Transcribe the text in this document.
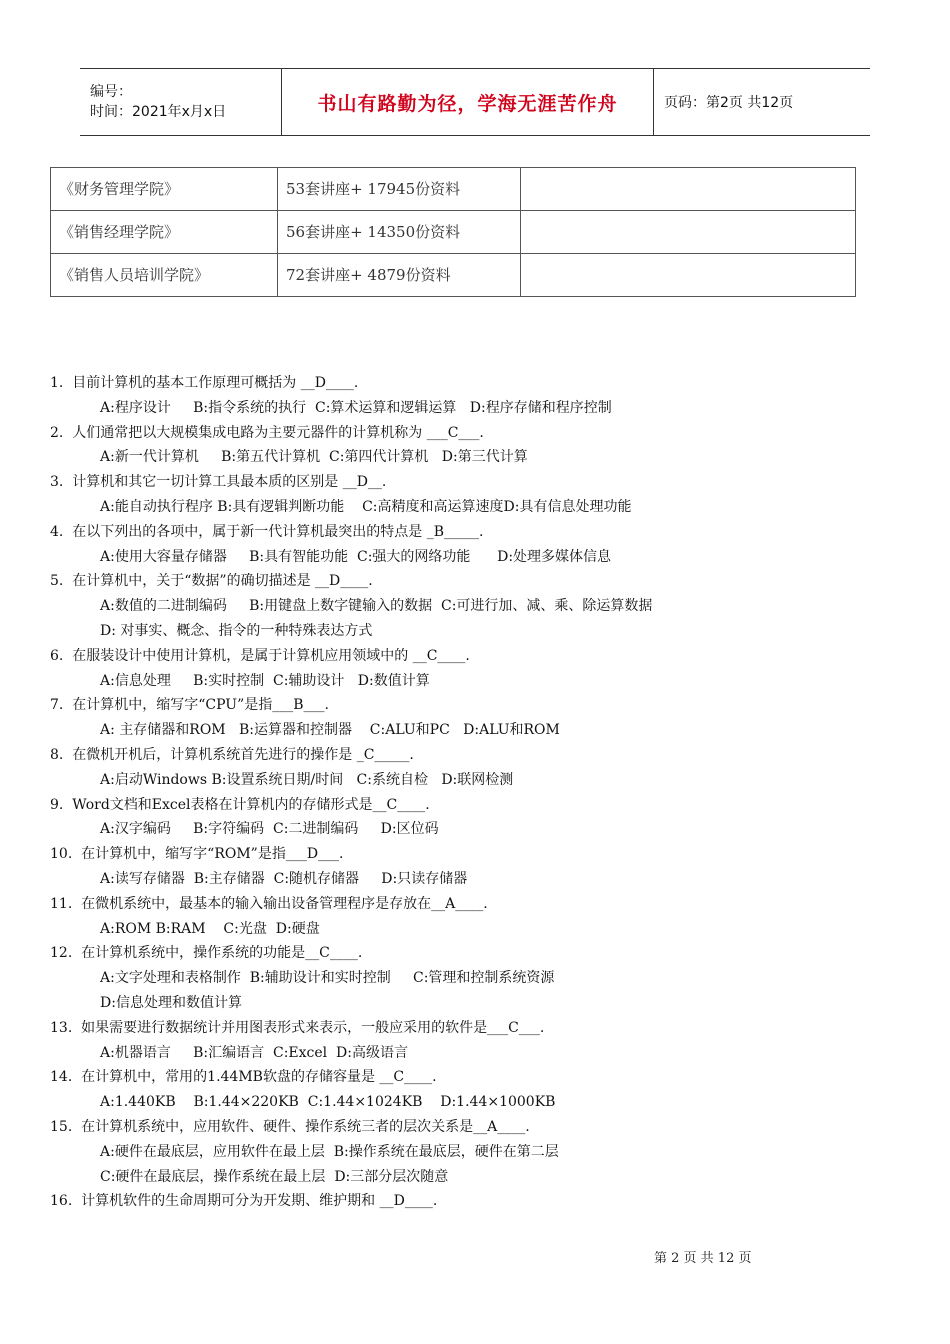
编号：
时间：2021年x月x日	书山有路勤为径，学海无涯苦作舟	页码：第2页 共12页
《财务管理学院》	53套讲座+ 17945份资料	
《销售经理学院》	56套讲座+ 14350份资料	
《销售人员培训学院》	72套讲座+ 4879份资料	
1.  目前计算机的基本工作原理可概括为 __D____.
A:程序设计     B:指令系统的执行  C:算术运算和逻辑运算   D:程序存储和程序控制
2.  人们通常把以大规模集成电路为主要元器件的计算机称为 ___C___.
A:新一代计算机     B:第五代计算机  C:第四代计算机   D:第三代计算
3.  计算机和其它一切计算工具最本质的区别是 __D__.
A:能自动执行程序 B:具有逻辑判断功能    C:高精度和高运算速度D:具有信息处理功能
4.  在以下列出的各项中，属于新一代计算机最突出的特点是 _B_____.
A:使用大容量存储器     B:具有智能功能  C:强大的网络功能      D:处理多媒体信息
5.  在计算机中，关于“数据”的确切描述是 __D____.
A:数值的二进制编码     B:用键盘上数字键输入的数据  C:可进行加、减、乘、除运算数据
D: 对事实、概念、指令的一种特殊表达方式
6.  在服装设计中使用计算机，是属于计算机应用领域中的 __C____.
A:信息处理     B:实时控制  C:辅助设计   D:数值计算
7.  在计算机中，缩写字“CPU”是指___B___.
A: 主存储器和ROM   B:运算器和控制器    C:ALU和PC   D:ALU和ROM
8.  在微机开机后，计算机系统首先进行的操作是 _C_____.
A:启动Windows B:设置系统日期/时间   C:系统自检   D:联网检测
9.  Word文档和Excel表格在计算机内的存储形式是__C____.
A:汉字编码     B:字符编码  C:二进制编码     D:区位码
10.  在计算机中，缩写字“ROM”是指___D___.
A:读写存储器  B:主存储器  C:随机存储器     D:只读存储器
11.  在微机系统中，最基本的输入输出设备管理程序是存放在__A____.
A:ROM B:RAM    C:光盘  D:硬盘
12.  在计算机系统中，操作系统的功能是__C____.
A:文字处理和表格制作  B:辅助设计和实时控制     C:管理和控制系统资源
D:信息处理和数值计算
13.  如果需要进行数据统计并用图表形式来表示，一般应采用的软件是___C___.
A:机器语言     B:汇编语言  C:Excel  D:高级语言
14.  在计算机中，常用的1.44MB软盘的存储容量是 __C____.
A:1.440KB    B:1.44×220KB  C:1.44×1024KB    D:1.44×1000KB
15.  在计算机系统中，应用软件、硬件、操作系统三者的层次关系是__A____.
A:硬件在最底层，应用软件在最上层  B:操作系统在最底层，硬件在第二层
C:硬件在最底层，操作系统在最上层  D:三部分层次随意
16.  计算机软件的生命周期可分为开发期、维护期和 __D____.
第 2 页 共 12 页
